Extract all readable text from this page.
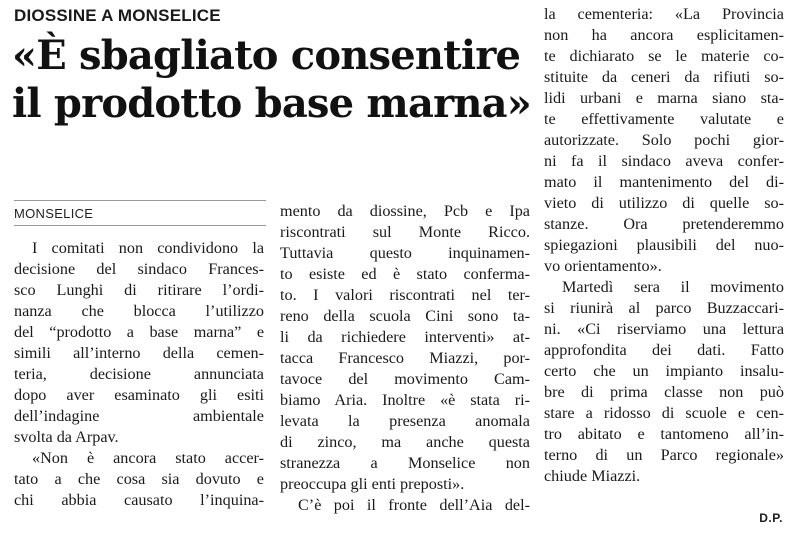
DIOSSINE A MONSELICE
«È sbagliato consentire
il prodotto base marna»
MONSELICE
I comitati non condividono la
decisione del sindaco Frances-
sco Lunghi di ritirare l’ordi-
nanza che blocca l’utilizzo
del “prodotto a base marna” e
simili all’interno della cemen-
teria, decisione annunciata
dopo aver esaminato gli esiti
dell’indagine ambientale
svolta da Arpav.
«Non è ancora stato accer-
tato a che cosa sia dovuto e
chi abbia causato l’inquina-
mento da diossine, Pcb e Ipa
riscontrati sul Monte Ricco.
Tuttavia questo inquinamen-
to esiste ed è stato conferma-
to. I valori riscontrati nel ter-
reno della scuola Cini sono ta-
li da richiedere interventi» at-
tacca Francesco Miazzi, por-
tavoce del movimento Cam-
biamo Aria. Inoltre «è stata ri-
levata la presenza anomala
di zinco, ma anche questa
stranezza a Monselice non
preoccupa gli enti preposti».
C’è poi il fronte dell’Aia del-
la cementeria: «La Provincia
non ha ancora esplicitamen-
te dichiarato se le materie co-
stituite da ceneri da rifiuti so-
lidi urbani e marna siano sta-
te effettivamente valutate e
autorizzate. Solo pochi gior-
ni fa il sindaco aveva confer-
mato il mantenimento del di-
vieto di utilizzo di quelle so-
stanze. Ora pretenderemmo
spiegazioni plausibili del nuo-
vo orientamento».
Martedì sera il movimento
si riunirà al parco Buzzaccari-
ni. «Ci riserviamo una lettura
approfondita dei dati. Fatto
certo che un impianto insalu-
bre di prima classe non può
stare a ridosso di scuole e cen-
tro abitato e tantomeno all’in-
terno di un Parco regionale»
chiude Miazzi.
D.P.
